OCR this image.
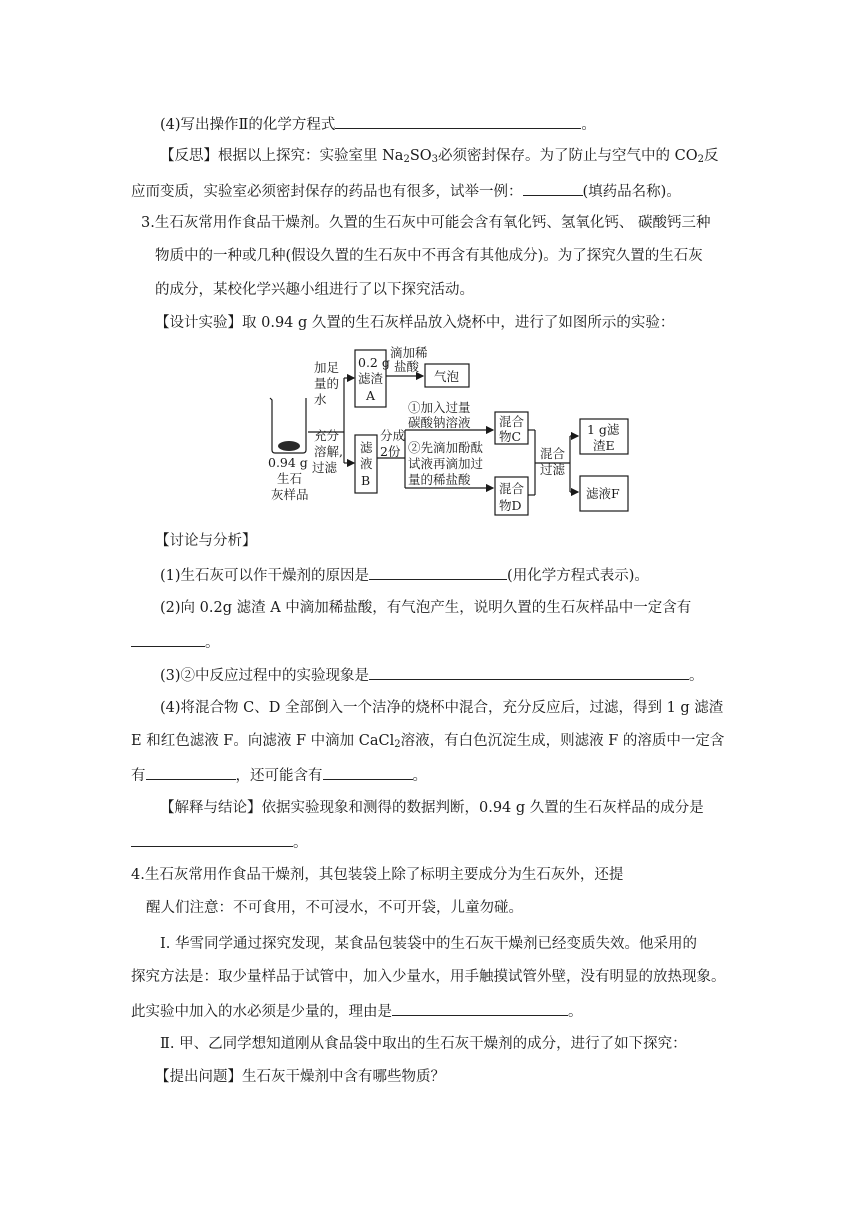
(4)写出操作Ⅱ的化学方程式	。
【反思】根据以上探究：实验室里 $Na_2SO_3$必须密封保存。为了防止与空气中的 $CO_2$反
应而变质，实验室必须密封保存的药品也有很多，试举一例：	(填药品名称)。
3.生石灰常用作食品干燥剂。久置的生石灰中可能会含有氧化钙、氢氧化钙、 碳酸钙三种
物质中的一种或几种(假设久置的生石灰中不再含有其他成分)。为了探究久置的生石灰
的成分，某校化学兴趣小组进行了以下探究活动。
【设计实验】取 0.94 g 久置的生石灰样品放入烧杯中，进行了如图所示的实验：
0.94 g
生石
灰样品
加足
量的
水
充分
溶解,
过滤
0.2 g
滤渣
A
滴加稀
盐酸
气泡
滤
液
B
分成
2份
①加入过量
碳酸钠溶液
②先滴加酚酞
试液再滴加过
量的稀盐酸
混合
物C
混合
物D
混合
过滤
1 g滤
渣E
滤液F
【讨论与分析】
(1)生石灰可以作干燥剂的原因是	(用化学方程式表示)。
(2)向 0.2g 滤渣 A 中滴加稀盐酸，有气泡产生，说明久置的生石灰样品中一定含有
。
(3)②中反应过程中的实验现象是	。
(4)将混合物 C、D 全部倒入一个洁净的烧杯中混合，充分反应后，过滤，得到 1 g 滤渣
E 和红色滤液 F。向滤液 F 中滴加 CaCl$_2$溶液，有白色沉淀生成，则滤液 F 的溶质中一定含
有	，还可能含有	。
【解释与结论】依据实验现象和测得的数据判断，0.94 g 久置的生石灰样品的成分是
。
4.生石灰常用作食品干燥剂，其包装袋上除了标明主要成分为生石灰外，还提
醒人们注意：不可食用，不可浸水，不可开袋，儿童勿碰。
Ⅰ. 华雪同学通过探究发现，某食品包装袋中的生石灰干燥剂已经变质失效。他采用的
探究方法是：取少量样品于试管中，加入少量水，用手触摸试管外壁，没有明显的放热现象。
此实验中加入的水必须是少量的，理由是	。
Ⅱ. 甲、乙同学想知道刚从食品袋中取出的生石灰干燥剂的成分，进行了如下探究：
【提出问题】生石灰干燥剂中含有哪些物质？
